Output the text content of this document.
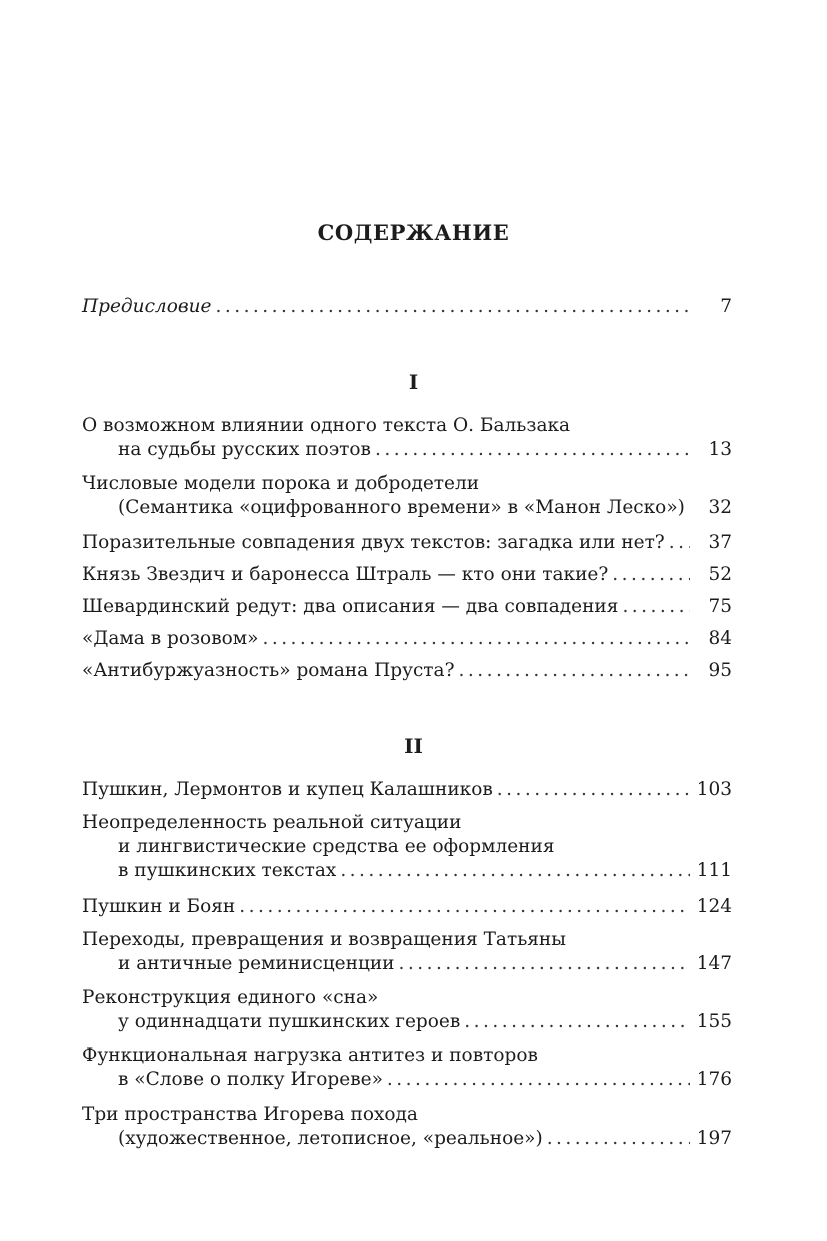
СОДЕРЖАНИЕ
Предисловие . . .	7
I
О возможном влиянии одного текста О. Бальзака
на судьбы русских поэтов . . .	13
Числовые модели порока и добродетели
(Семантика «оцифрованного времени» в «Манон Леско») . . .	32
Поразительные совпадения двух текстов: загадка или нет? . . .	37
Князь Звездич и баронесса Штраль — кто они такие? . . .	52
Шевардинский редут: два описания — два совпадения . . .	75
«Дама в розовом» . . .	84
«Антибуржуазность» романа Пруста? . . .	95
II
Пушкин, Лермонтов и купец Калашников . . .	103
Неопределенность реальной ситуации
и лингвистические средства ее оформления
в пушкинских текстах . . .	111
Пушкин и Боян . . .	124
Переходы, превращения и возвращения Татьяны
и античные реминисценции . . .	147
Реконструкция единого «сна»
у одиннадцати пушкинских героев . . .	155
Функциональная нагрузка антитез и повторов
в «Слове о полку Игореве» . . .	176
Три пространства Игорева похода
(художественное, летописное, «реальное») . . .	197
